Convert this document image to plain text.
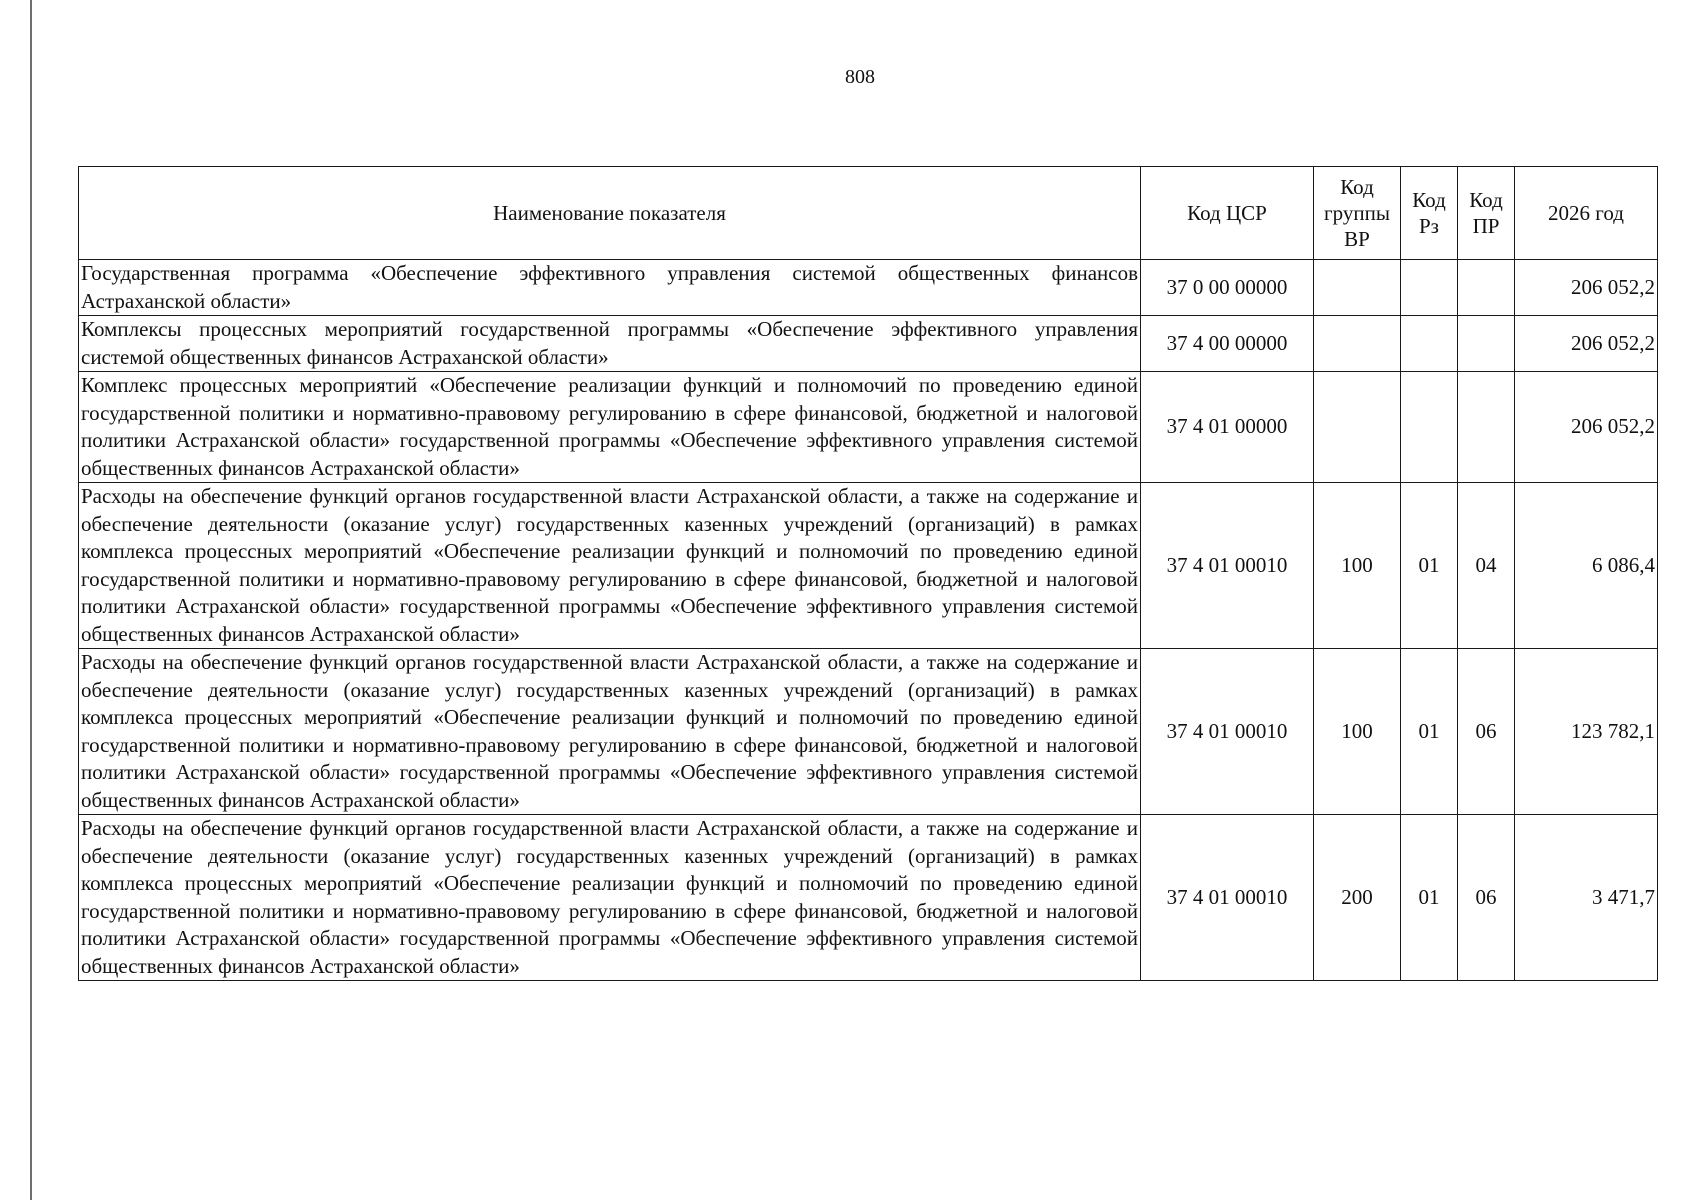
808
Наименование показателя	Код ЦСР	Код группы ВР	Код Рз	Код ПР	2026 год
Государственная программа «Обеспечение эффективного управления системой общественных финансов Астраханской области»	37 0 00 00000				206 052,2
Комплексы процессных мероприятий государственной программы «Обеспечение эффективного управления системой общественных финансов Астраханской области»	37 4 00 00000				206 052,2
Комплекс процессных мероприятий «Обеспечение реализации функций и полномочий по проведению единой государственной политики и нормативно-правовому регулированию в сфере финансовой, бюджетной и налоговой политики Астраханской области» государственной программы «Обеспечение эффективного управления системой общественных финансов Астраханской области»	37 4 01 00000				206 052,2
Расходы на обеспечение функций органов государственной власти Астраханской области, а также на содержание и обеспечение деятельности (оказание услуг) государственных казенных учреждений (организаций) в рамках комплекса процессных мероприятий «Обеспечение реализации функций и полномочий по проведению единой государственной политики и нормативно-правовому регулированию в сфере финансовой, бюджетной и налоговой политики Астраханской области» государственной программы «Обеспечение эффективного управления системой общественных финансов Астраханской области»	37 4 01 00010	100	01	04	6 086,4
Расходы на обеспечение функций органов государственной власти Астраханской области, а также на содержание и обеспечение деятельности (оказание услуг) государственных казенных учреждений (организаций) в рамках комплекса процессных мероприятий «Обеспечение реализации функций и полномочий по проведению единой государственной политики и нормативно-правовому регулированию в сфере финансовой, бюджетной и налоговой политики Астраханской области» государственной программы «Обеспечение эффективного управления системой общественных финансов Астраханской области»	37 4 01 00010	100	01	06	123 782,1
Расходы на обеспечение функций органов государственной власти Астраханской области, а также на содержание и обеспечение деятельности (оказание услуг) государственных казенных учреждений (организаций) в рамках комплекса процессных мероприятий «Обеспечение реализации функций и полномочий по проведению единой государственной политики и нормативно-правовому регулированию в сфере финансовой, бюджетной и налоговой политики Астраханской области» государственной программы «Обеспечение эффективного управления системой общественных финансов Астраханской области»	37 4 01 00010	200	01	06	3 471,7
